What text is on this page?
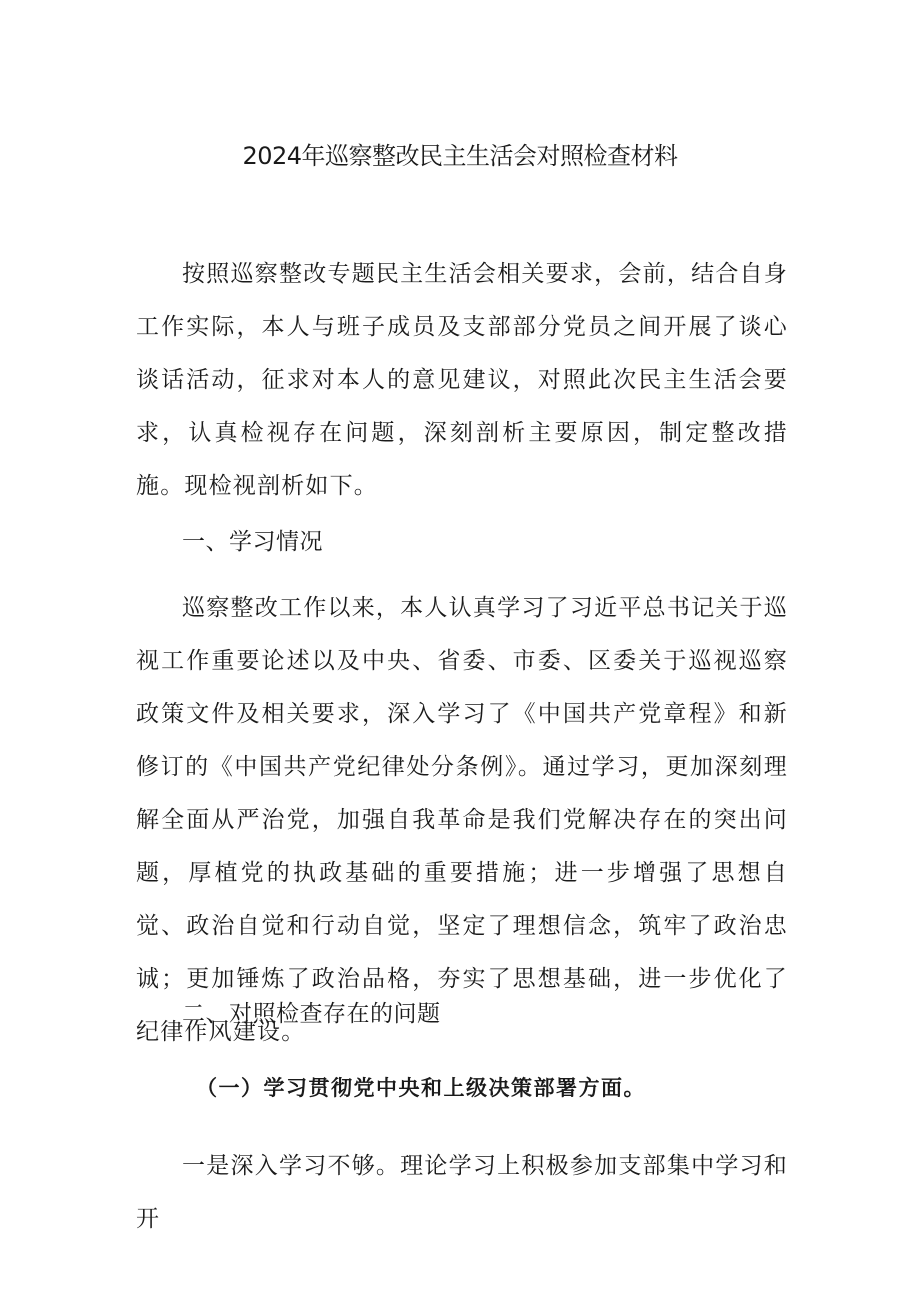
2024年巡察整改民主生活会对照检查材料

按照巡察整改专题民主生活会相关要求，会前，结合自身工作实际，本人与班子成员及支部部分党员之间开展了谈心谈话活动，征求对本人的意见建议，对照此次民主生活会要求，认真检视存在问题，深刻剖析主要原因，制定整改措施。现检视剖析如下。

一、学习情况

巡察整改工作以来，本人认真学习了习近平总书记关于巡视工作重要论述以及中央、省委、市委、区委关于巡视巡察政策文件及相关要求，深入学习了《中国共产党章程》和新修订的《中国共产党纪律处分条例》。通过学习，更加深刻理解全面从严治党，加强自我革命是我们党解决存在的突出问题，厚植党的执政基础的重要措施；进一步增强了思想自觉、政治自觉和行动自觉，坚定了理想信念，筑牢了政治忠诚；更加锤炼了政治品格，夯实了思想基础，进一步优化了纪律作风建设。

二、对照检查存在的问题
（一）学习贯彻党中央和上级决策部署方面。

一是深入学习不够。理论学习上积极参加支部集中学习和开
